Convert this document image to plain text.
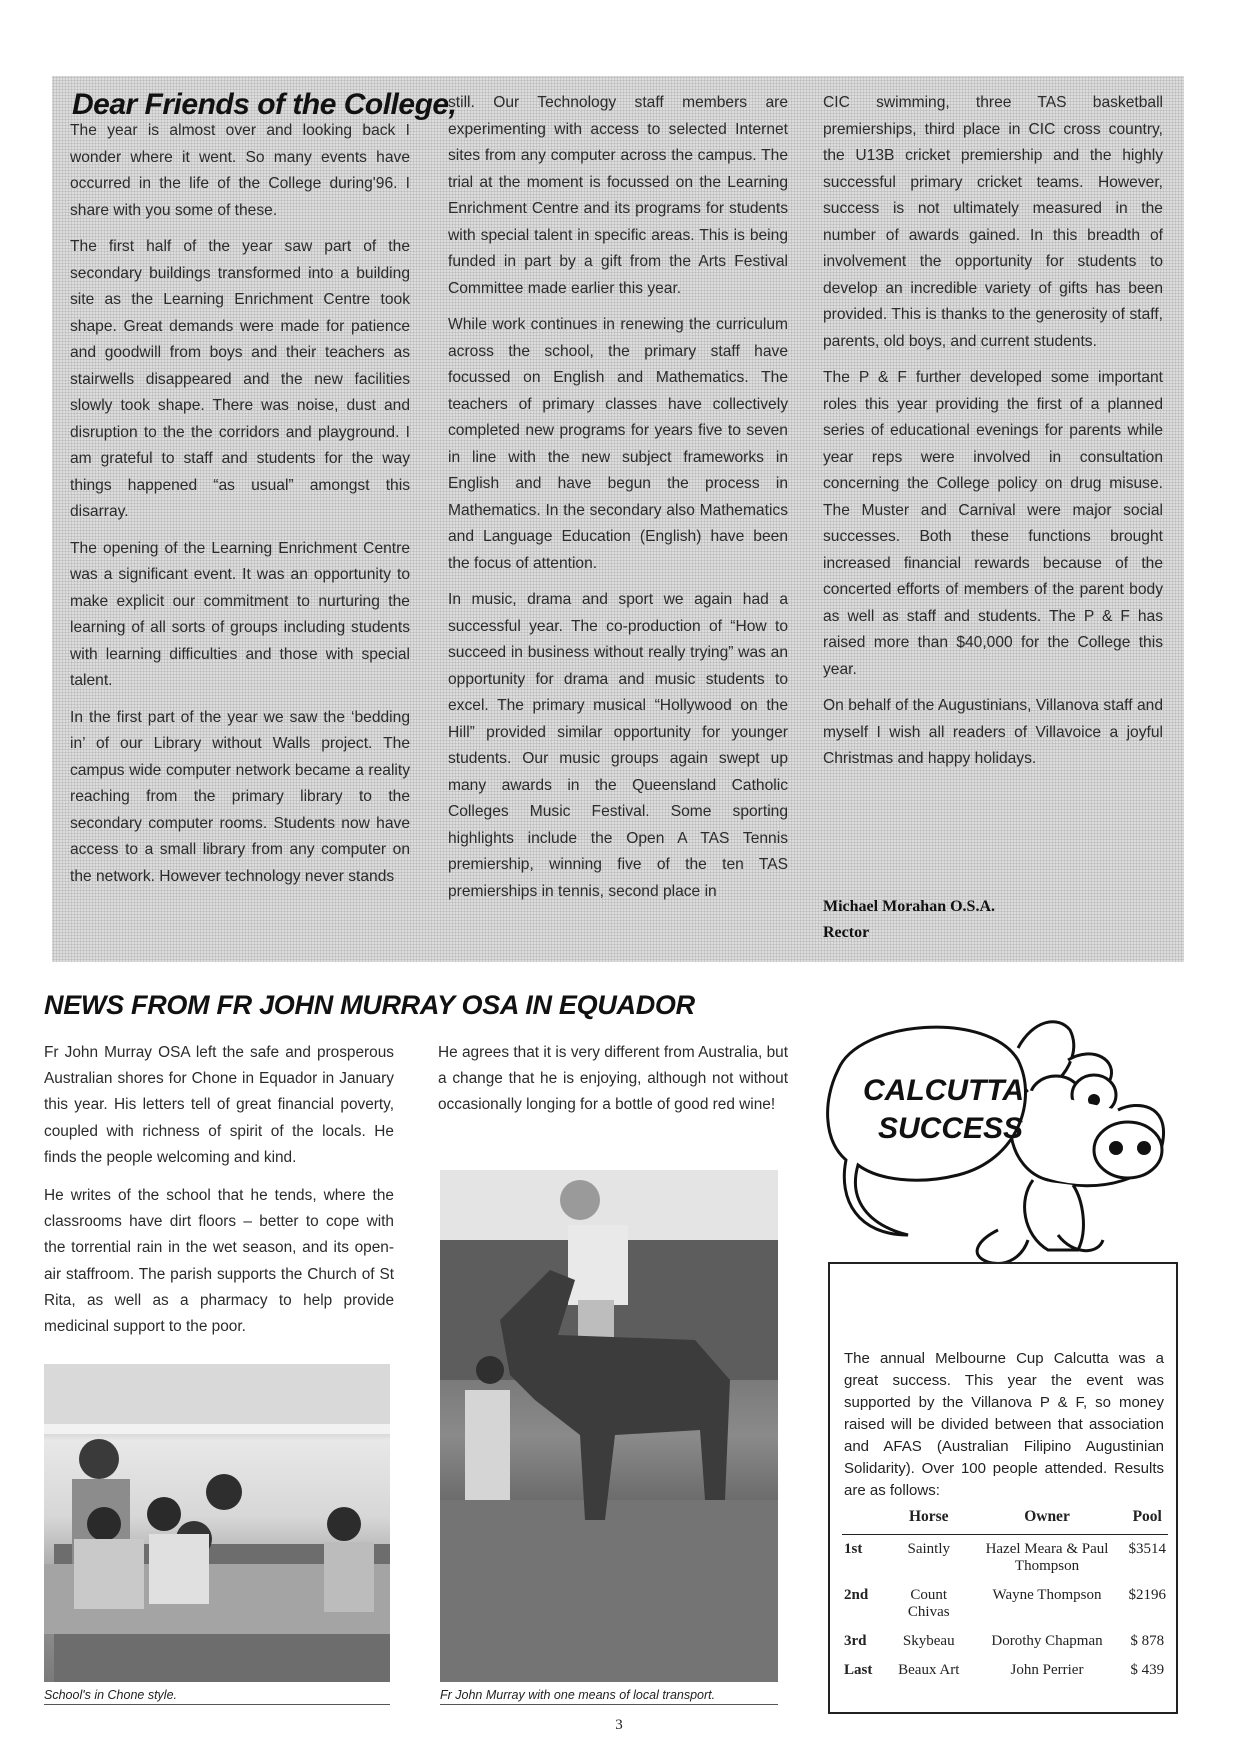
Dear Friends of the College,

The year is almost over and looking back I wonder where it went. So many events have occurred in the life of the College during'96. I share with you some of these.

The first half of the year saw part of the secondary buildings transformed into a building site as the Learning Enrichment Centre took shape. Great demands were made for patience and goodwill from boys and their teachers as stairwells disappeared and the new facilities slowly took shape. There was noise, dust and disruption to the the corridors and playground. I am grateful to staff and students for the way things happened “as usual” amongst this disarray.

The opening of the Learning Enrichment Centre was a significant event. It was an opportunity to make explicit our commitment to nurturing the learning of all sorts of groups including students with learning difficulties and those with special talent.

In the first part of the year we saw the ‘bedding in’ of our Library without Walls project. The campus wide computer network became a reality reaching from the primary library to the secondary computer rooms. Students now have access to a small library from any computer on the network. However technology never stands

still. Our Technology staff members are experimenting with access to selected Internet sites from any computer across the campus. The trial at the moment is focussed on the Learning Enrichment Centre and its programs for students with special talent in specific areas. This is being funded in part by a gift from the Arts Festival Committee made earlier this year.

While work continues in renewing the curriculum across the school, the primary staff have focussed on English and Mathematics. The teachers of primary classes have collectively completed new programs for years five to seven in line with the new subject frameworks in English and have begun the process in Mathematics. In the secondary also Mathematics and Language Education (English) have been the focus of attention.

In music, drama and sport we again had a successful year. The co-production of “How to succeed in business without really trying” was an opportunity for drama and music students to excel. The primary musical “Hollywood on the Hill” provided similar opportunity for younger students. Our music groups again swept up many awards in the Queensland Catholic Colleges Music Festival. Some sporting highlights include the Open A TAS Tennis premiership, winning five of the ten TAS premierships in tennis, second place in

CIC swimming, three TAS basketball premierships, third place in CIC cross country, the U13B cricket premiership and the highly successful primary cricket teams. However, success is not ultimately measured in the number of awards gained. In this breadth of involvement the opportunity for students to develop an incredible variety of gifts has been provided. This is thanks to the generosity of staff, parents, old boys, and current students.

The P & F further developed some important roles this year providing the first of a planned series of educational evenings for parents while year reps were involved in consultation concerning the College policy on drug misuse. The Muster and Carnival were major social successes. Both these functions brought increased financial rewards because of the concerted efforts of members of the parent body as well as staff and students. The P & F has raised more than $40,000 for the College this year.

On behalf of the Augustinians, Villanova staff and myself I wish all readers of Villavoice a joyful Christmas and happy holidays.

Michael Morahan O.S.A.
Rector
NEWS FROM FR JOHN MURRAY OSA IN EQUADOR

Fr John Murray OSA left the safe and prosperous Australian shores for Chone in Equador in January this year. His letters tell of great financial poverty, coupled with richness of spirit of the locals. He finds the people welcoming and kind.

He writes of the school that he tends, where the classrooms have dirt floors – better to cope with the torrential rain in the wet season, and its open-air staffroom. The parish supports the Church of St Rita, as well as a pharmacy to help provide medicinal support to the poor.

He agrees that it is very different from Australia, but a change that he is enjoying, although not without occasionally longing for a bottle of good red wine!

School's in Chone style.	Fr John Murray with one means of local transport.
CALCUTTA
SUCCESS

The annual Melbourne Cup Calcutta was a great success. This year the event was supported by the Villanova P & F, so money raised will be divided between that association and AFAS (Australian Filipino Augustinian Solidarity). Over 100 people attended. Results are as follows:

	Horse	Owner	Pool
1st	Saintly	Hazel Meara & Paul Thompson	$3514
2nd	Count Chivas	Wayne Thompson	$2196
3rd	Skybeau	Dorothy Chapman	$ 878
Last	Beaux Art	John Perrier	$ 439
3
